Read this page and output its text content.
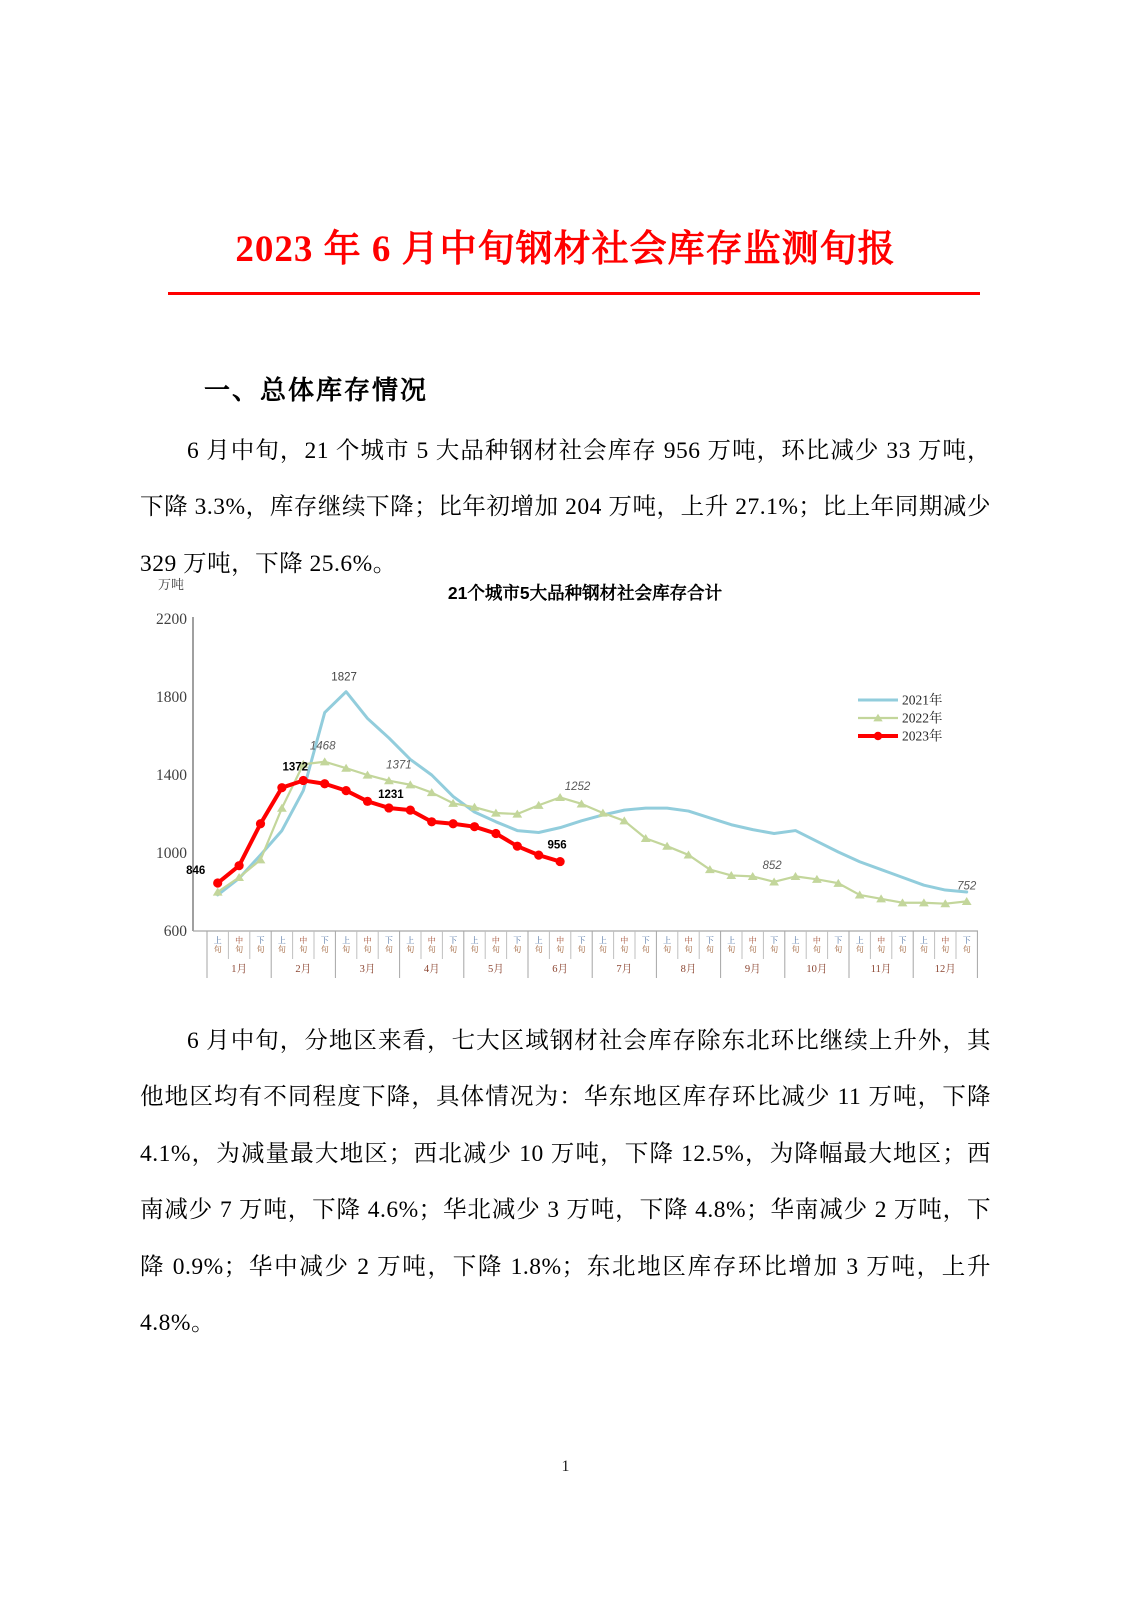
2023 年 6 月中旬钢材社会库存监测旬报
一、总体库存情况

6 月中旬，21 个城市 5 大品种钢材社会库存 956 万吨，环比减少 33 万吨，下降 3.3%，库存继续下降；比年初增加 204 万吨，上升 27.1%；比上年同期减少 329 万吨，下降 25.6%。

21个城市5大品种钢材社会库存合计
万吨
2200
1800
1400
1000
600
上旬
中旬
下旬
1月
上旬
中旬
下旬
2月
上旬
中旬
下旬
3月
上旬
中旬
下旬
4月
上旬
中旬
下旬
5月
上旬
中旬
下旬
6月
上旬
中旬
下旬
7月
上旬
中旬
下旬
8月
上旬
中旬
下旬
9月
上旬
中旬
下旬
10月
上旬
中旬
下旬
11月
上旬
中旬
下旬
12月
846
1372
1231
956
1468
1371
1252
852
752
1827
2021年
2022年
2023年

6 月中旬，分地区来看，七大区域钢材社会库存除东北环比继续上升外，其他地区均有不同程度下降，具体情况为：华东地区库存环比减少 11 万吨，下降 4.1%，为减量最大地区；西北减少 10 万吨，下降 12.5%，为降幅最大地区；西南减少 7 万吨，下降 4.6%；华北减少 3 万吨，下降 4.8%；华南减少 2 万吨，下降 0.9%；华中减少 2 万吨，下降 1.8%；东北地区库存环比增加 3 万吨，上升 4.8%。

1
